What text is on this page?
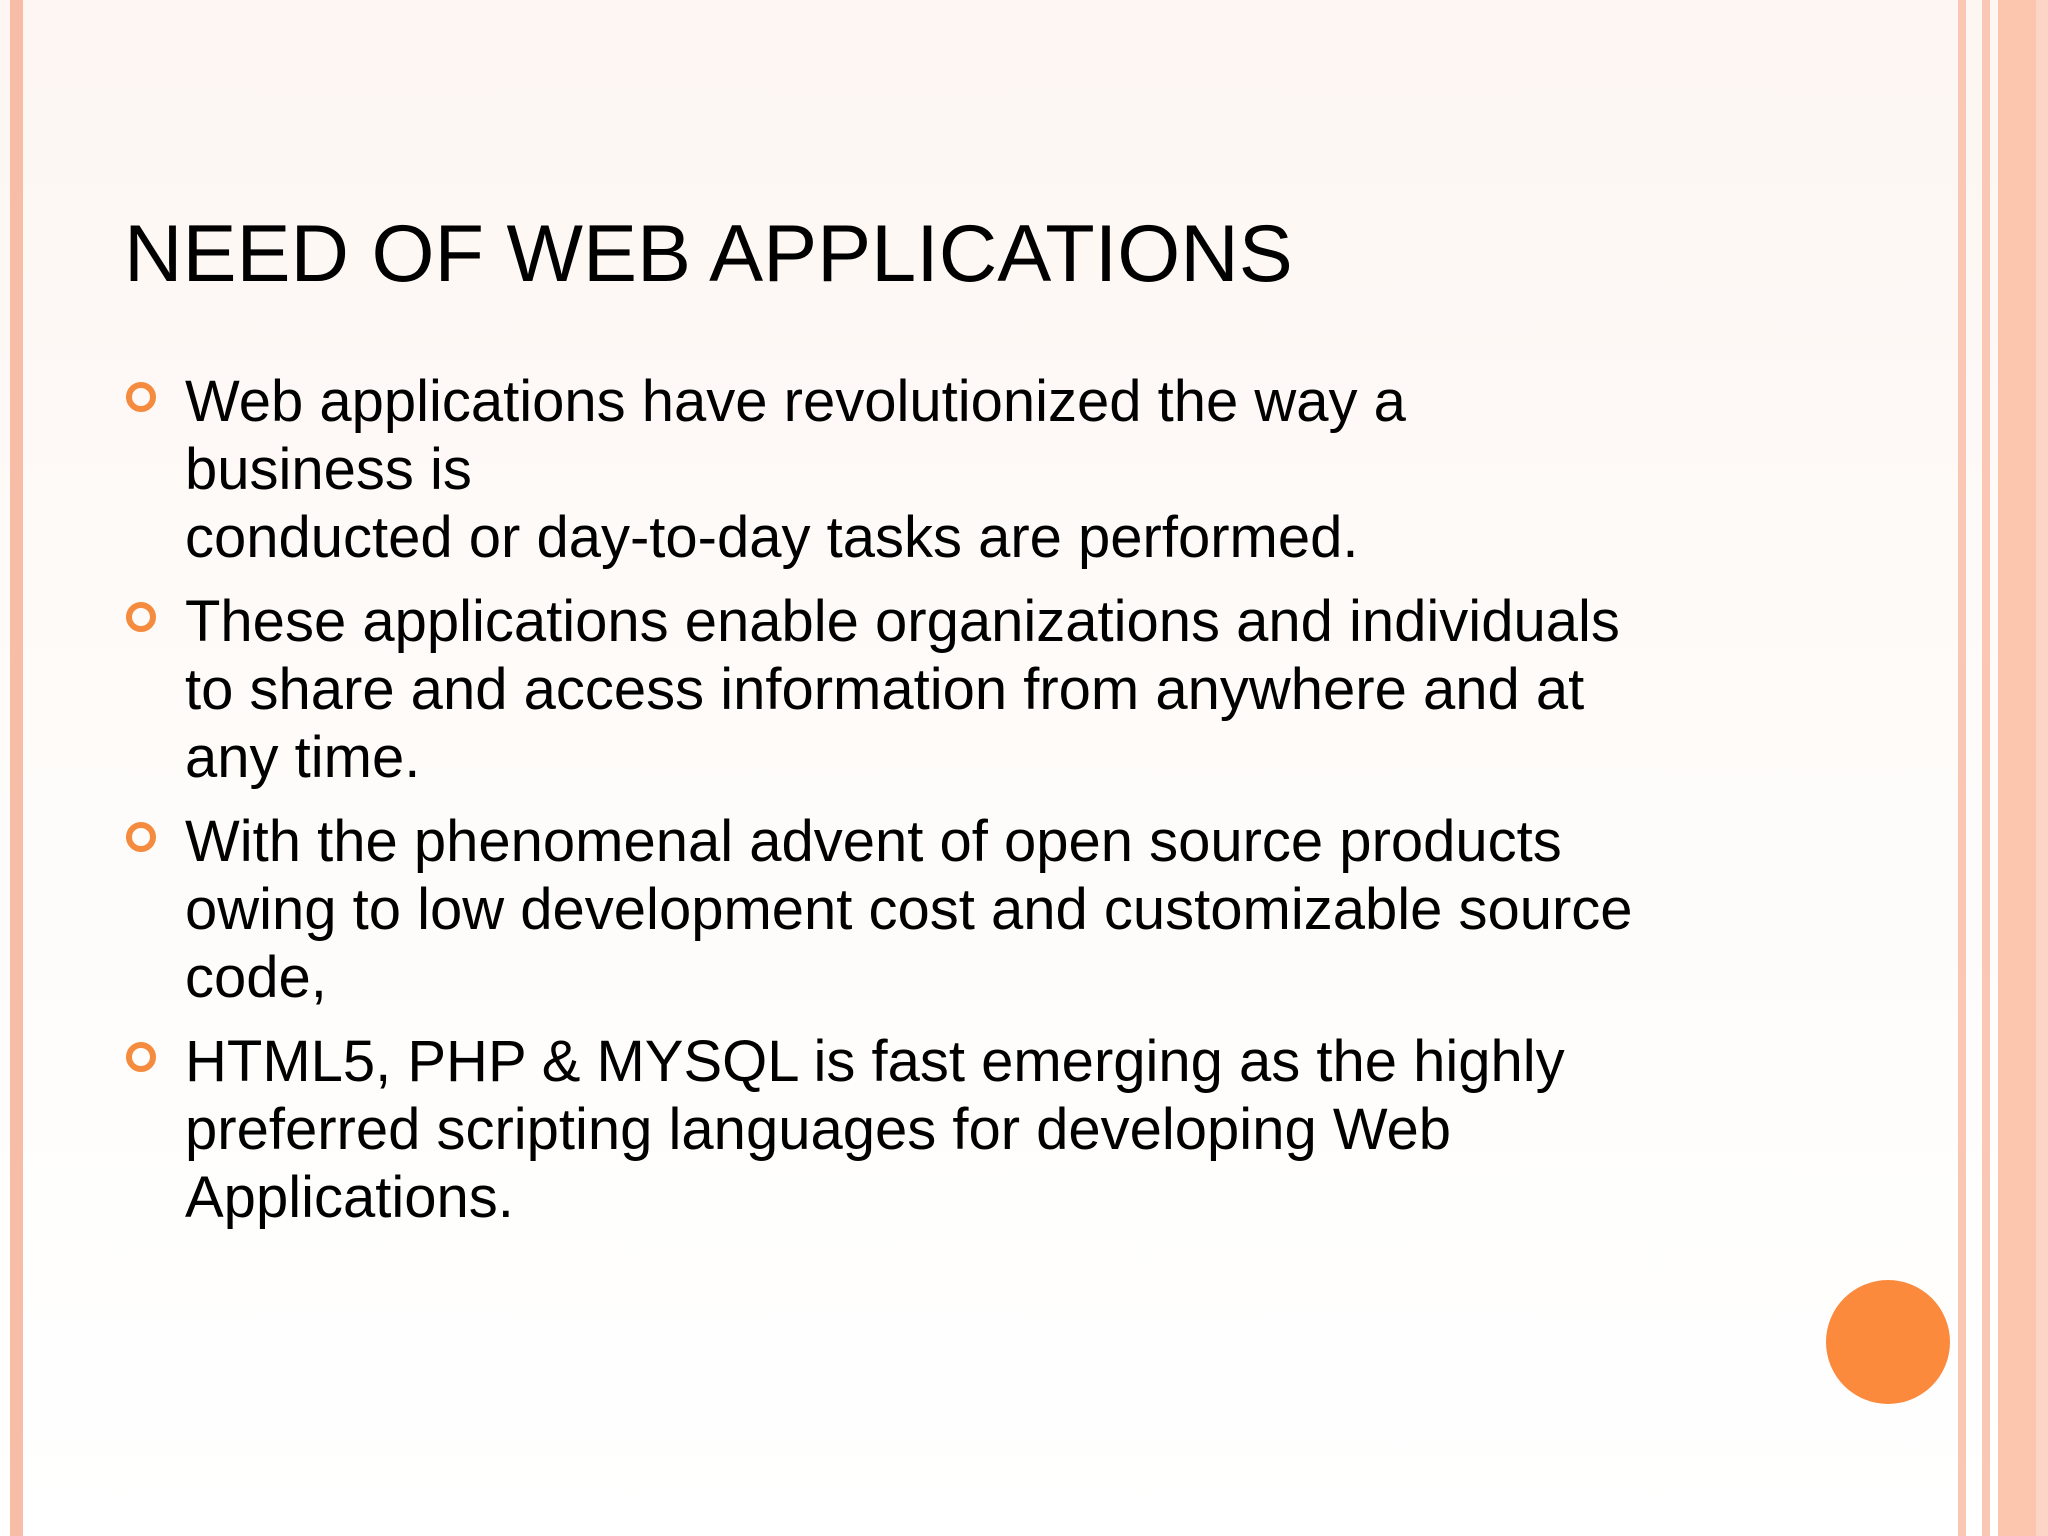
NEED OF WEB APPLICATIONS
Web applications have revolutionized the way a
business is
conducted or day-to-day tasks are performed.
These applications enable organizations and individuals
to share and access information from anywhere and at
any time.
With the phenomenal advent of open source products
owing to low development cost and customizable source
code,
HTML5, PHP & MYSQL is fast emerging as the highly
preferred scripting languages for developing Web
Applications.
